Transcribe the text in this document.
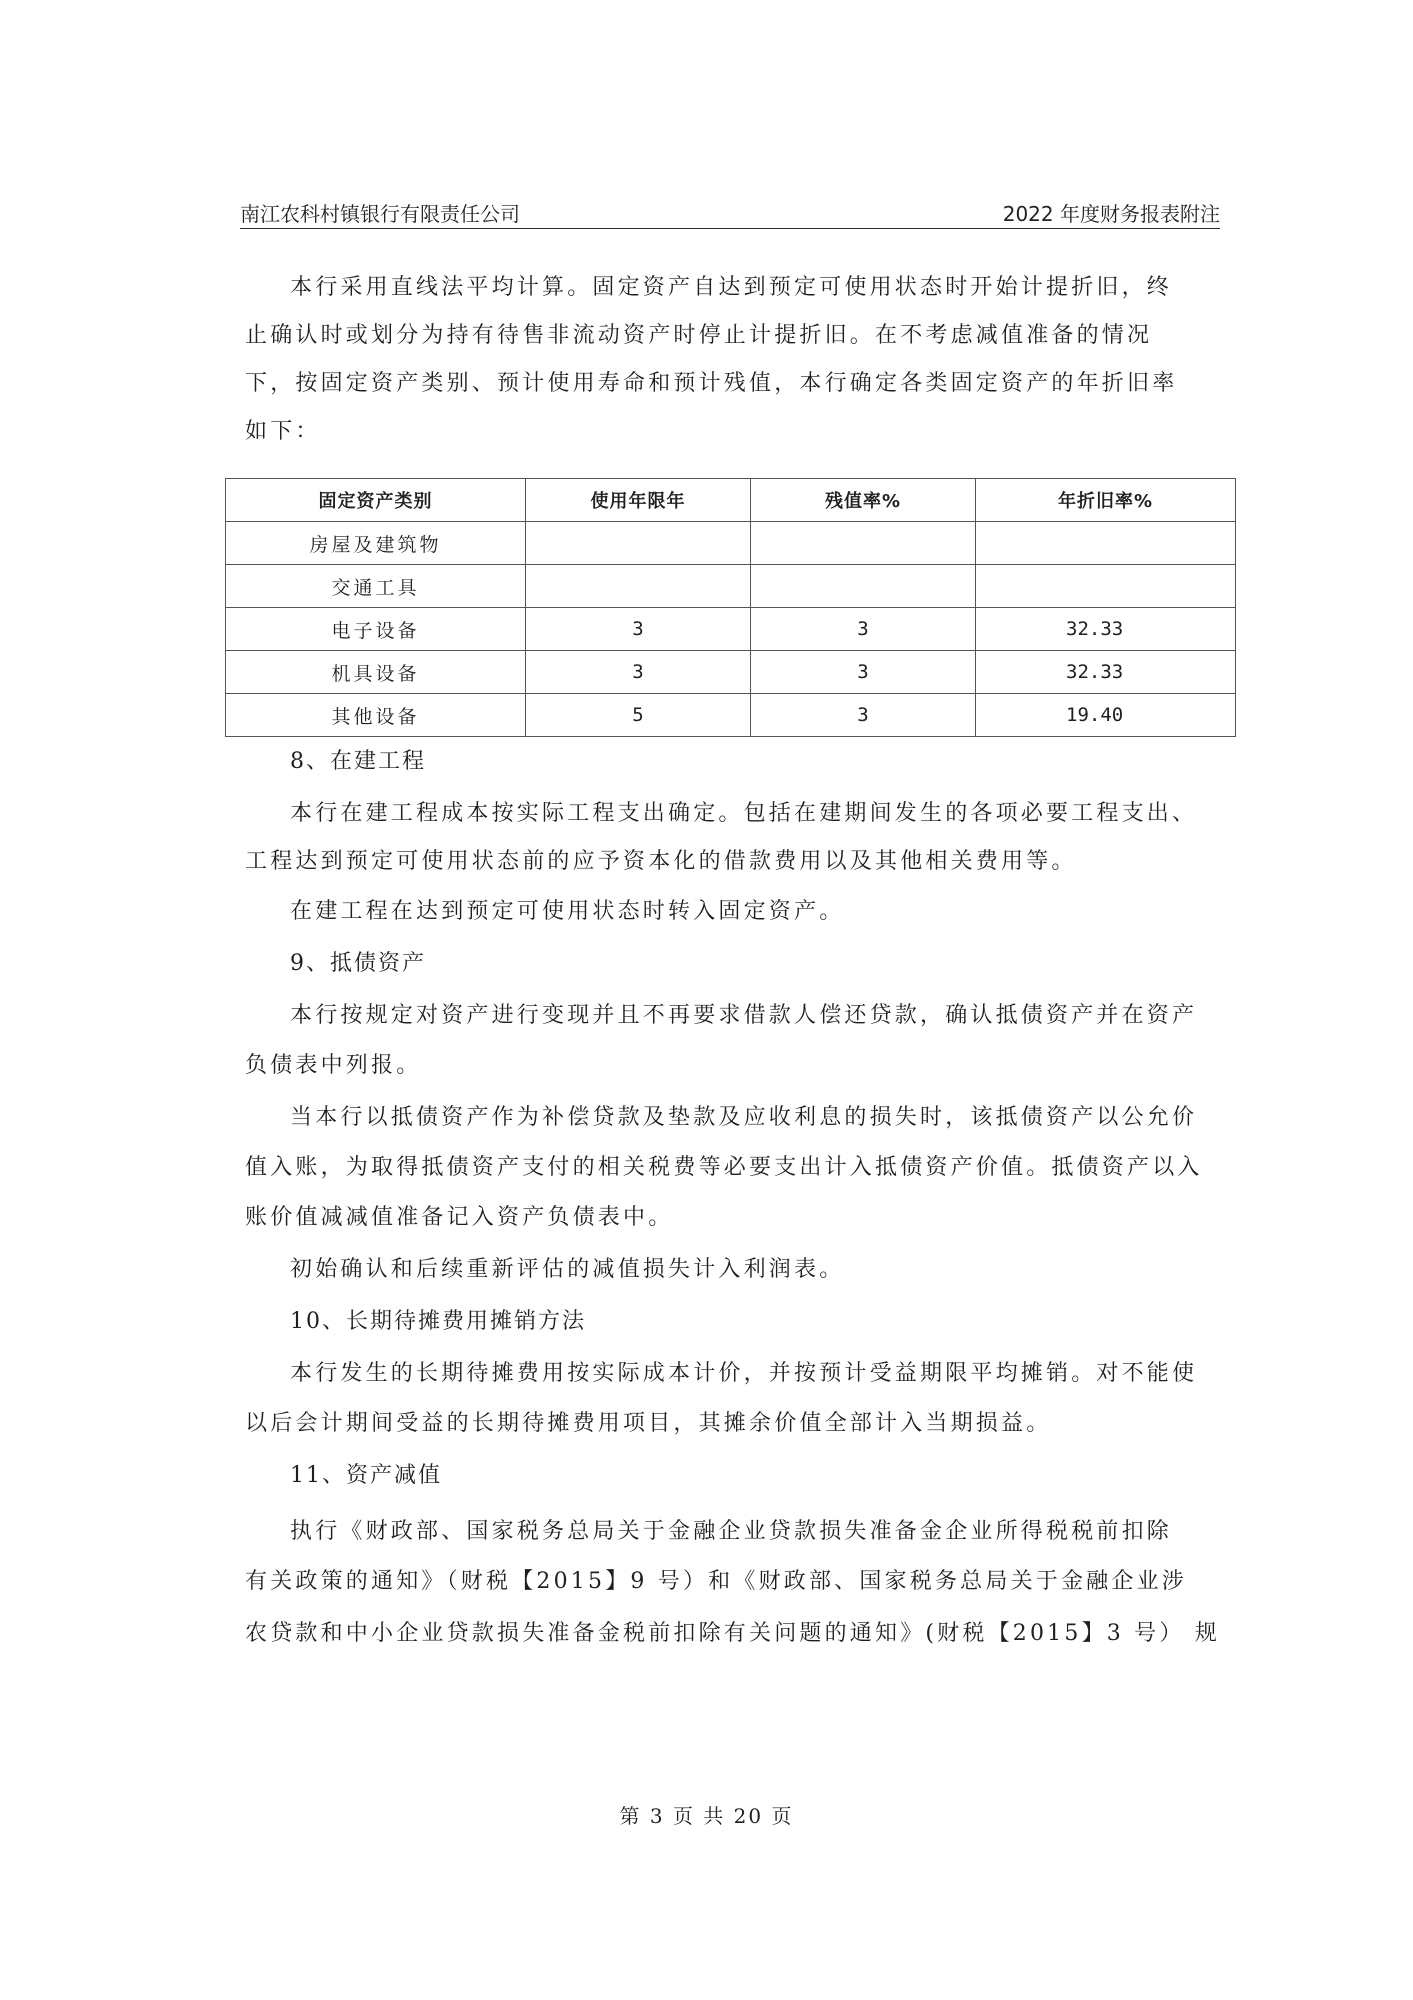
南江农科村镇银行有限责任公司	2022 年度财务报表附注
本行采用直线法平均计算。固定资产自达到预定可使用状态时开始计提折旧，终
止确认时或划分为持有待售非流动资产时停止计提折旧。在不考虑减值准备的情况
下，按固定资产类别、预计使用寿命和预计残值，本行确定各类固定资产的年折旧率
如下：
固定资产类别	使用年限年	残值率%	年折旧率%
房屋及建筑物			
交通工具			
电子设备	3	3	32.33
机具设备	3	3	32.33
其他设备	5	3	19.40
8、在建工程
本行在建工程成本按实际工程支出确定。包括在建期间发生的各项必要工程支出、
工程达到预定可使用状态前的应予资本化的借款费用以及其他相关费用等。
在建工程在达到预定可使用状态时转入固定资产。
9、抵债资产
本行按规定对资产进行变现并且不再要求借款人偿还贷款，确认抵债资产并在资产
负债表中列报。
当本行以抵债资产作为补偿贷款及垫款及应收利息的损失时，该抵债资产以公允价
值入账，为取得抵债资产支付的相关税费等必要支出计入抵债资产价值。抵债资产以入
账价值减减值准备记入资产负债表中。
初始确认和后续重新评估的减值损失计入利润表。
10、长期待摊费用摊销方法
本行发生的长期待摊费用按实际成本计价，并按预计受益期限平均摊销。对不能使
以后会计期间受益的长期待摊费用项目，其摊余价值全部计入当期损益。
11、资产减值
执行《财政部、国家税务总局关于金融企业贷款损失准备金企业所得税税前扣除
有关政策的通知》（财税【2015】9 号）和《财政部、国家税务总局关于金融企业涉
农贷款和中小企业贷款损失准备金税前扣除有关问题的通知》(财税【2015】3 号） 规
第 3 页 共 20 页
